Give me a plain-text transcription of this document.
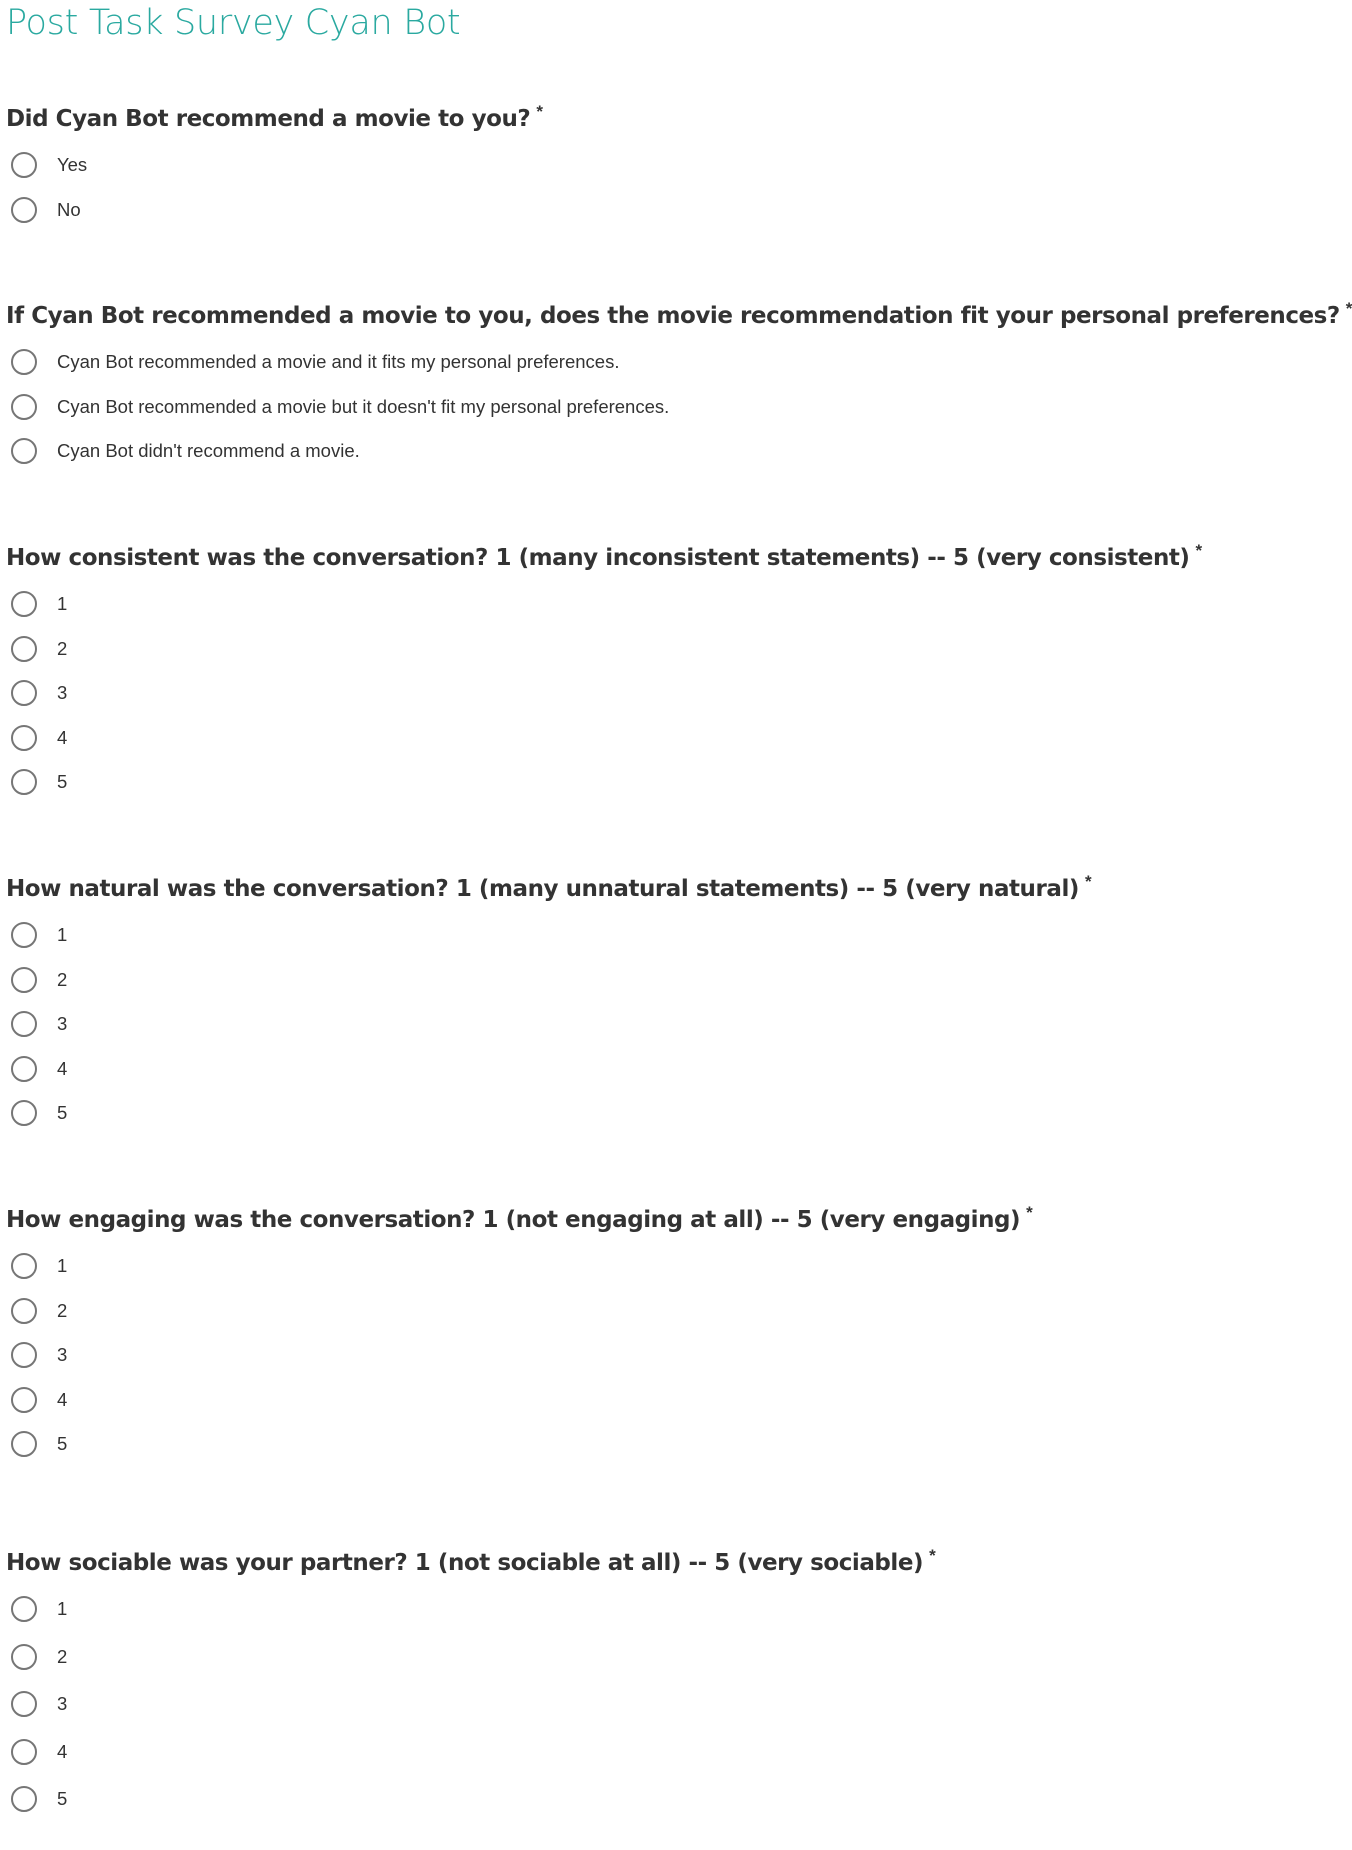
Post Task Survey Cyan Bot
Did Cyan Bot recommend a movie to you? *
Yes
No
If Cyan Bot recommended a movie to you, does the movie recommendation fit your personal preferences? *
Cyan Bot recommended a movie and it fits my personal preferences.
Cyan Bot recommended a movie but it doesn't fit my personal preferences.
Cyan Bot didn't recommend a movie.
How consistent was the conversation? 1 (many inconsistent statements) -- 5 (very consistent) *
1
2
3
4
5
How natural was the conversation? 1 (many unnatural statements) -- 5 (very natural) *
1
2
3
4
5
How engaging was the conversation? 1 (not engaging at all) -- 5 (very engaging) *
1
2
3
4
5
How sociable was your partner? 1 (not sociable at all) -- 5 (very sociable) *
1
2
3
4
5
